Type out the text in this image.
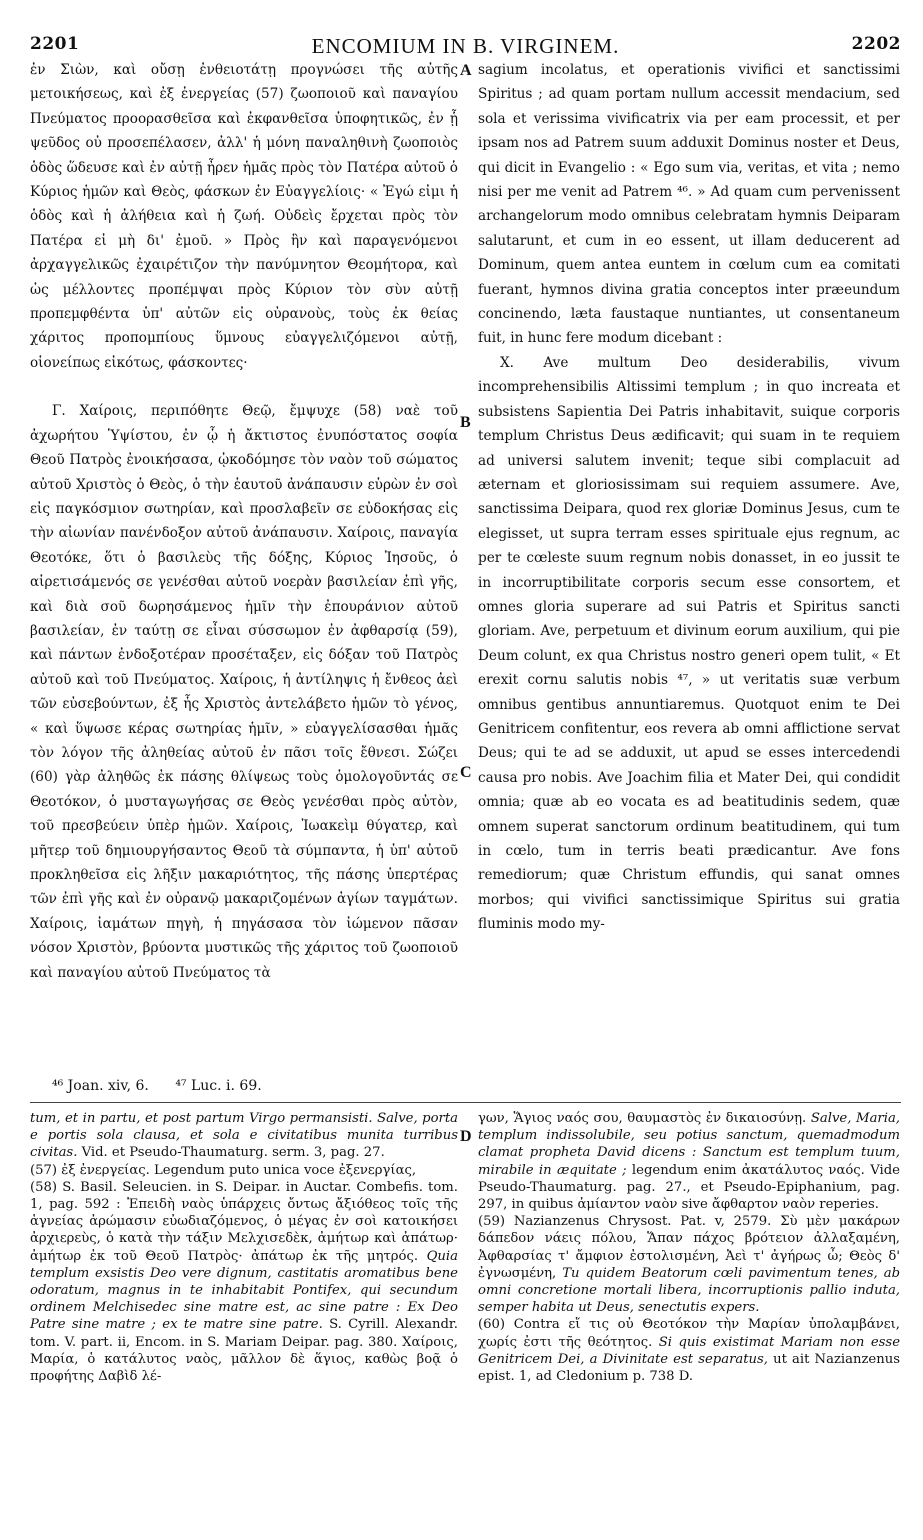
2201	ENCOMIUM IN B. VIRGINEM.	2202

ἐν Σιὼν, καὶ οὔσῃ ἐνθειοτάτῃ προγνώσει τῆς αὐτῆς μετοικήσεως, καὶ ἐξ ἐνεργείας (57) ζωοποιοῦ καὶ παναγίου Πνεύματος προορασθεῖσα καὶ ἐκφανθεῖσα ὑποφητικῶς, ἐν ᾗ ψεῦδος οὐ προσεπέλασεν, ἀλλ' ἡ μόνη παναληθινὴ ζωοποιὸς ὁδὸς ὥδευσε καὶ ἐν αὐτῇ ἦρεν ἡμᾶς πρὸς τὸν Πατέρα αὐτοῦ ὁ Κύριος ἡμῶν καὶ Θεὸς, φάσκων ἐν Εὐαγγελίοις· « Ἐγώ εἰμι ἡ ὁδὸς καὶ ἡ ἀλήθεια καὶ ἡ ζωή. Οὐδεὶς ἔρχεται πρὸς τὸν Πατέρα εἰ μὴ δι' ἐμοῦ. » Πρὸς ἣν καὶ παραγενόμενοι ἀρχαγγελικῶς ἐχαιρέτιζον τὴν πανύμνητον Θεομήτορα, καὶ ὡς μέλλοντες προπέμψαι πρὸς Κύριον τὸν σὺν αὐτῇ προπεμφθέντα ὑπ' αὐτῶν εἰς οὐρανοὺς, τοὺς ἐκ θείας χάριτος προπομπίους ὕμνους εὐαγγελιζόμενοι αὐτῇ, οἱονείπως εἰκότως, φάσκοντες·

Γ. Χαίροις, περιπόθητε Θεῷ, ἔμψυχε (58) ναὲ τοῦ ἀχωρήτου Ὑψίστου, ἐν ᾧ ἡ ἄκτιστος ἐνυπόστατος σοφία Θεοῦ Πατρὸς ἐνοικήσασα, ᾠκοδόμησε τὸν ναὸν τοῦ σώματος αὐτοῦ Χριστὸς ὁ Θεὸς, ὁ τὴν ἑαυτοῦ ἀνάπαυσιν εὑρὼν ἐν σοὶ εἰς παγκόσμιον σωτηρίαν, καὶ προσλαβεῖν σε εὐδοκήσας εἰς τὴν αἰωνίαν πανένδοξον αὐτοῦ ἀνάπαυσιν. Χαίροις, παναγία Θεοτόκε, ὅτι ὁ βασιλεὺς τῆς δόξης, Κύριος Ἰησοῦς, ὁ αἱρετισάμενός σε γενέσθαι αὐτοῦ νοερὰν βασιλείαν ἐπὶ γῆς, καὶ διὰ σοῦ δωρησάμενος ἡμῖν τὴν ἐπουράνιον αὐτοῦ βασιλείαν, ἐν ταύτῃ σε εἶναι σύσσωμον ἐν ἀφθαρσίᾳ (59), καὶ πάντων ἐνδοξοτέραν προσέταξεν, εἰς δόξαν τοῦ Πατρὸς αὐτοῦ καὶ τοῦ Πνεύματος. Χαίροις, ἡ ἀντίληψις ἡ ἔνθεος ἀεὶ τῶν εὐσεβούντων, ἐξ ἧς Χριστὸς ἀντελάβετο ἡμῶν τὸ γένος, « καὶ ὕψωσε κέρας σωτηρίας ἡμῖν, » εὐαγγελίσασθαι ἡμᾶς τὸν λόγον τῆς ἀληθείας αὐτοῦ ἐν πᾶσι τοῖς ἔθνεσι. Σώζει (60) γὰρ ἀληθῶς ἐκ πάσης θλίψεως τοὺς ὁμολογοῦντάς σε Θεοτόκον, ὁ μυσταγωγήσας σε Θεὸς γενέσθαι πρὸς αὐτὸν, τοῦ πρεσβεύειν ὑπὲρ ἡμῶν. Χαίροις, Ἰωακεὶμ θύγατερ, καὶ μῆτερ τοῦ δημιουργήσαντος Θεοῦ τὰ σύμπαντα, ἡ ὑπ' αὐτοῦ προκληθεῖσα εἰς λῆξιν μακαριότητος, τῆς πάσης ὑπερτέρας τῶν ἐπὶ γῆς καὶ ἐν οὐρανῷ μακαριζομένων ἁγίων ταγμάτων. Χαίροις, ἰαμάτων πηγὴ, ἡ πηγάσασα τὸν ἰώμενον πᾶσαν νόσον Χριστὸν, βρύοντα μυστικῶς τῆς χάριτος τοῦ ζωοποιοῦ καὶ παναγίου αὐτοῦ Πνεύματος τὰ

sagium incolatus, et operationis vivifici et sanctissimi Spiritus ; ad quam portam nullum accessit mendacium, sed sola et verissima vivificatrix via per eam processit, et per ipsam nos ad Patrem suum adduxit Dominus noster et Deus, qui dicit in Evangelio : « Ego sum via, veritas, et vita ; nemo nisi per me venit ad Patrem ⁴⁶. » Ad quam cum pervenissent archangelorum modo omnibus celebratam hymnis Deiparam salutarunt, et cum in eo essent, ut illam deducerent ad Dominum, quem antea euntem in cœlum cum ea comitati fuerant, hymnos divina gratia conceptos inter præeundum concinendo, læta faustaque nuntiantes, ut consentaneum fuit, in hunc fere modum dicebant :

X. Ave multum Deo desiderabilis, vivum incomprehensibilis Altissimi templum ; in quo increata et subsistens Sapientia Dei Patris inhabitavit, suique corporis templum Christus Deus ædificavit; qui suam in te requiem ad universi salutem invenit; teque sibi complacuit ad æternam et gloriosissimam sui requiem assumere. Ave, sanctissima Deipara, quod rex gloriæ Dominus Jesus, cum te elegisset, ut supra terram esses spirituale ejus regnum, ac per te cœleste suum regnum nobis donasset, in eo jussit te in incorruptibilitate corporis secum esse consortem, et omnes gloria superare ad sui Patris et Spiritus sancti gloriam. Ave, perpetuum et divinum eorum auxilium, qui pie Deum colunt, ex qua Christus nostro generi opem tulit, « Et erexit cornu salutis nobis ⁴⁷, » ut veritatis suæ verbum omnibus gentibus annuntiaremus. Quotquot enim te Dei Genitricem confitentur, eos revera ab omni afflictione servat Deus; qui te ad se adduxit, ut apud se esses intercedendi causa pro nobis. Ave Joachim filia et Mater Dei, qui condidit omnia; quæ ab eo vocata es ad beatitudinis sedem, quæ omnem superat sanctorum ordinum beatitudinem, qui tum in cœlo, tum in terris beati prædicantur. Ave fons remediorum; quæ Christum effundis, qui sanat omnes morbos; qui vivifici sanctissimique Spiritus sui gratia fluminis modo my-

A
B
C
D
⁴⁶ Joan. xiv, 6. ⁴⁷ Luc. i. 69.

tum, et in partu, et post partum Virgo permansisti. Salve, porta e portis sola clausa, et sola e civitatibus munita turribus civitas. Vid. et Pseudo-Thaumaturg. serm. 3, pag. 27.

(57) ἐξ ἐνεργείας. Legendum puto unica voce ἐξενεργίας,

(58) S. Basil. Seleucien. in S. Deipar. in Auctar. Combefis. tom. 1, pag. 592 : Ἐπειδὴ ναὸς ὑπάρχεις ὄντως ἄξιόθεος τοῖς τῆς ἁγνείας ἀρώμασιν εὐωδιαζόμενος, ὁ μέγας ἐν σοὶ κατοικήσει ἀρχιερεὺς, ὁ κατὰ τὴν τάξιν Μελχισεδὲκ, ἀμήτωρ καὶ ἀπάτωρ· ἀμήτωρ ἐκ τοῦ Θεοῦ Πατρὸς· ἀπάτωρ ἐκ τῆς μητρός. Quia templum exsistis Deo vere dignum, castitatis aromatibus bene odoratum, magnus in te inhabitabit Pontifex, qui secundum ordinem Melchisedec sine matre est, ac sine patre : Ex Deo Patre sine matre ; ex te matre sine patre. S. Cyrill. Alexandr. tom. V. part. ii, Encom. in S. Mariam Deipar. pag. 380. Χαίροις, Μαρία, ὁ κατάλυτος ναὸς, μᾶλλον δὲ ἅγιος, καθὼς βοᾷ ὁ προφήτης Δαβὶδ λέ-

γων, Ἅγιος ναός σου, θαυμαστὸς ἐν δικαιοσύνῃ. Salve, Maria, templum indissolubile, seu potius sanctum, quemadmodum clamat propheta David dicens : Sanctum est templum tuum, mirabile in æquitate ; legendum enim ἀκατάλυτος ναός. Vide Pseudo-Thaumaturg. pag. 27., et Pseudo-Epiphanium, pag. 297, in quibus ἀμίαντον ναὸν sive ἄφθαρτον ναὸν reperies.

(59) Nazianzenus Chrysost. Pat. v, 2579. Σὺ μὲν μακάρων δάπεδον νάεις πόλου, Ἅπαν πάχος βρότειον ἀλλαξαμένη, Ἀφθαρσίας τ' ἄμφιον ἐστολισμένη, Ἀεὶ τ' ἀγήρως ὦ; Θεὸς δ' ἐγνωσμένη, Tu quidem Beatorum cœli pavimentum tenes, ab omni concretione mortali libera, incorruptionis pallio induta, semper habita ut Deus, senectutis expers.

(60) Contra εἴ τις οὐ Θεοτόκον τὴν Μαρίαν ὑπολαμβάνει, χωρίς ἐστι τῆς θεότητος. Si quis existimat Mariam non esse Genitricem Dei, a Divinitate est separatus, ut ait Nazianzenus epist. 1, ad Cledonium p. 738 D.
